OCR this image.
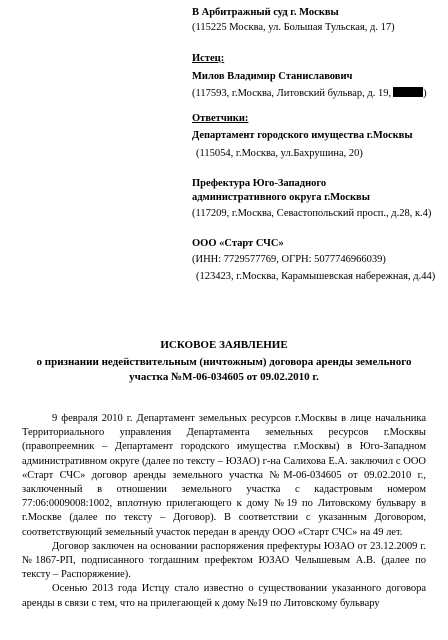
В Арбитражный суд г. Москвы
(115225 Москва, ул. Большая Тульская, д. 17)
Истец:
Милов Владимир Станиславович
(117593, г.Москва, Литовский бульвар, д. 19,	)
Ответчики:
Департамент городского имущества г.Москвы
(115054, г.Москва, ул.Бахрушина, 20)
Префектура Юго-Западного
административного округа г.Москвы
(117209, г.Москва, Севастопольский просп., д.28, к.4)
ООО «Старт СЧС»
(ИНН: 7729577769, ОГРН: 5077746966039)
(123423, г.Москва, Карамышевская набережная, д.44)
ИСКОВОЕ ЗАЯВЛЕНИЕ
о признании недействительным (ничтожным) договора аренды земельного
участка №М-06-034605 от 09.02.2010 г.

9 февраля 2010 г. Департамент земельных ресурсов г.Москвы в лице начальника Территориального управления Департамента земельных ресурсов г.Москвы (правопреемник – Департамент городского имущества г.Москвы) в Юго-Западном административном округе (далее по тексту – ЮЗАО) г-на Салихова Е.А. заключил с ООО «Старт СЧС» договор аренды земельного участка №М-06-034605 от 09.02.2010 г., заключенный в отношении земельного участка с кадастровым номером 77:06:0009008:1002, вплотную прилегающего к дому №19 по Литовскому бульвару в г.Москве (далее по тексту – Договор). В соответствии с указанным Договором, соответствующий земельный участок передан в аренду ООО «Старт СЧС» на 49 лет.

Договор заключен на основании распоряжения префектуры ЮЗАО от 23.12.2009 г. №1867-РП, подписанного тогдашним префектом ЮЗАО Челышевым А.В. (далее по тексту – Распоряжение).

Осенью 2013 года Истцу стало известно о существовании указанного договора аренды в связи с тем, что на прилегающей к дому №19 по Литовскому бульвару
